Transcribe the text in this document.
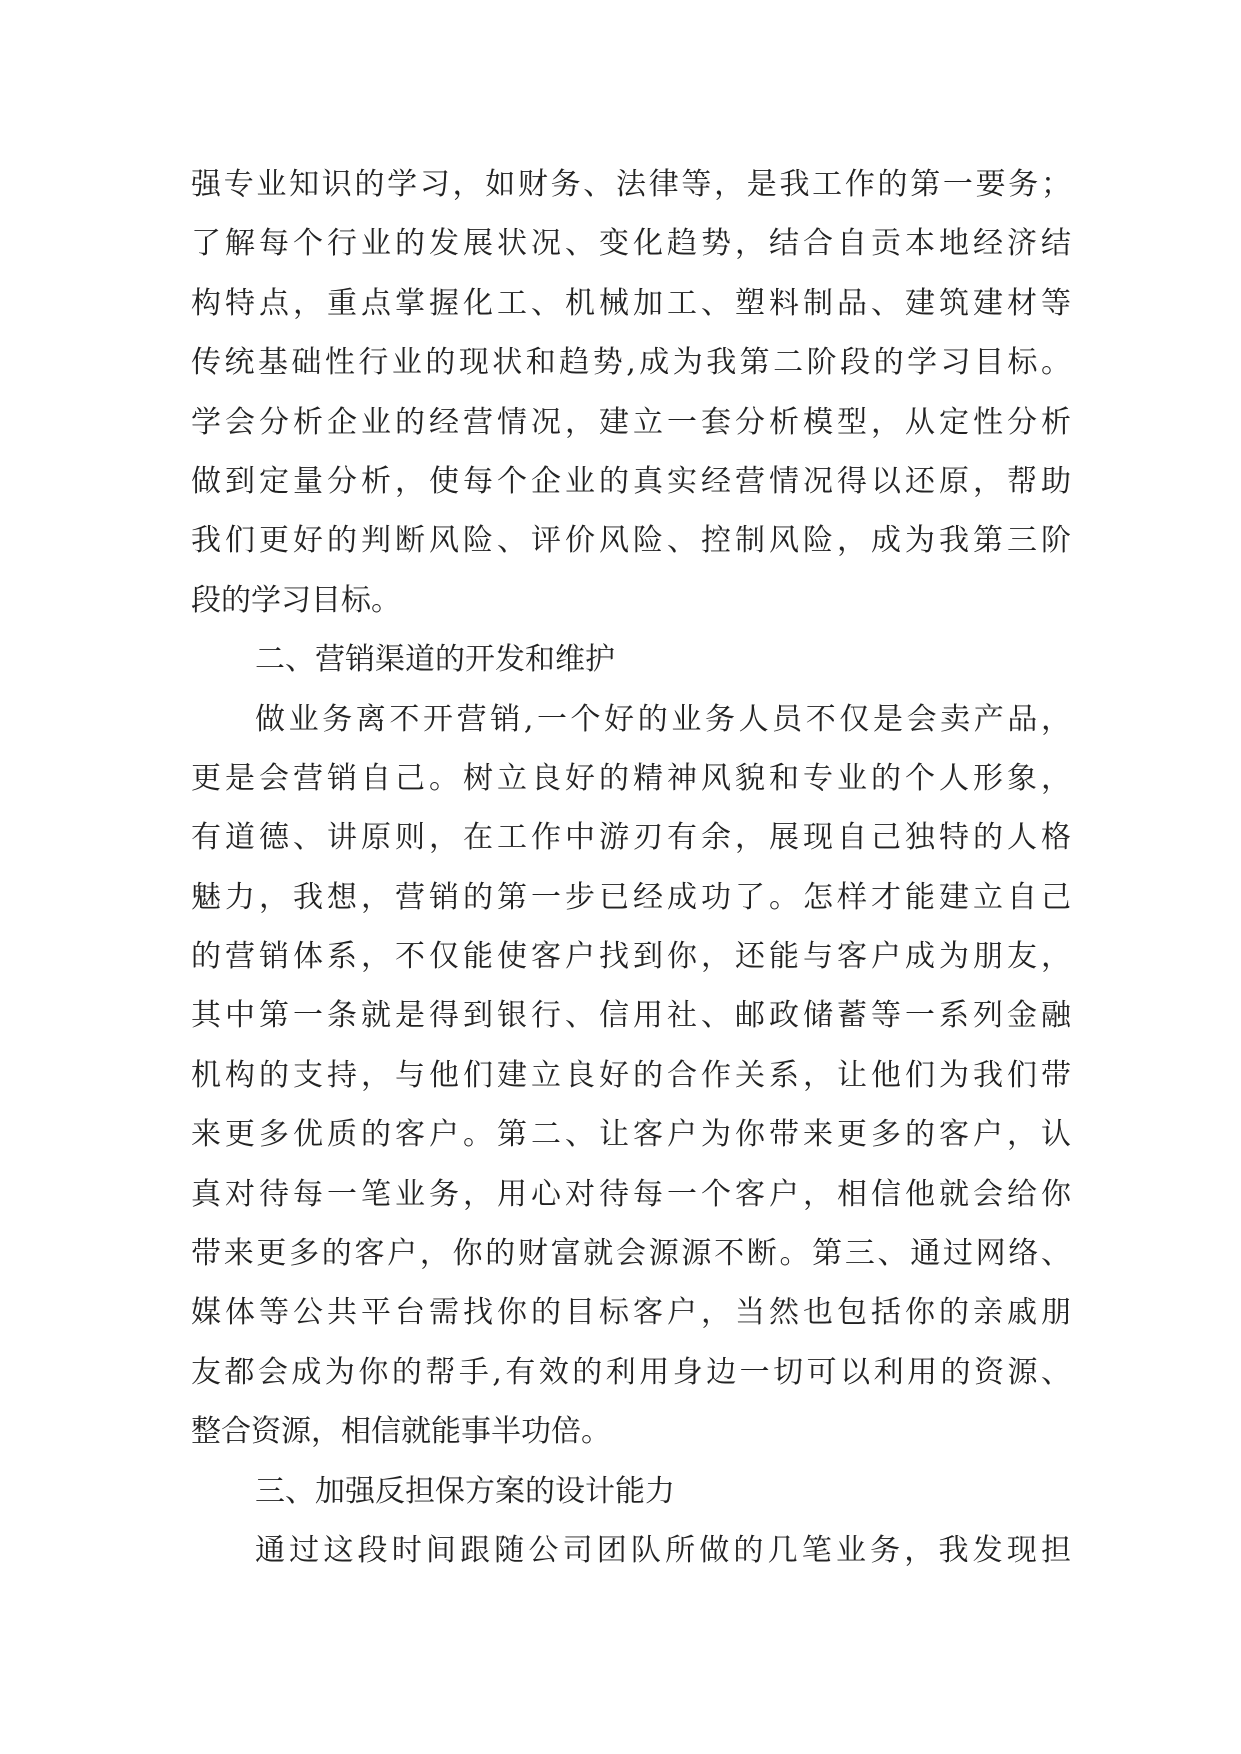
强专业知识的学习，如财务、法律等，是我工作的第一要务；
了解每个行业的发展状况、变化趋势，结合自贡本地经济结
构特点，重点掌握化工、机械加工、塑料制品、建筑建材等
传统基础性行业的现状和趋势,成为我第二阶段的学习目标。
学会分析企业的经营情况，建立一套分析模型，从定性分析
做到定量分析，使每个企业的真实经营情况得以还原，帮助
我们更好的判断风险、评价风险、控制风险，成为我第三阶
段的学习目标。
二、营销渠道的开发和维护
做业务离不开营销,一个好的业务人员不仅是会卖产品，
更是会营销自己。树立良好的精神风貌和专业的个人形象，
有道德、讲原则，在工作中游刃有余，展现自己独特的人格
魅力，我想，营销的第一步已经成功了。怎样才能建立自己
的营销体系，不仅能使客户找到你，还能与客户成为朋友，
其中第一条就是得到银行、信用社、邮政储蓄等一系列金融
机构的支持，与他们建立良好的合作关系，让他们为我们带
来更多优质的客户。第二、让客户为你带来更多的客户，认
真对待每一笔业务，用心对待每一个客户，相信他就会给你
带来更多的客户，你的财富就会源源不断。第三、通过网络、
媒体等公共平台需找你的目标客户，当然也包括你的亲戚朋
友都会成为你的帮手,有效的利用身边一切可以利用的资源、
整合资源，相信就能事半功倍。
三、加强反担保方案的设计能力
通过这段时间跟随公司团队所做的几笔业务，我发现担
